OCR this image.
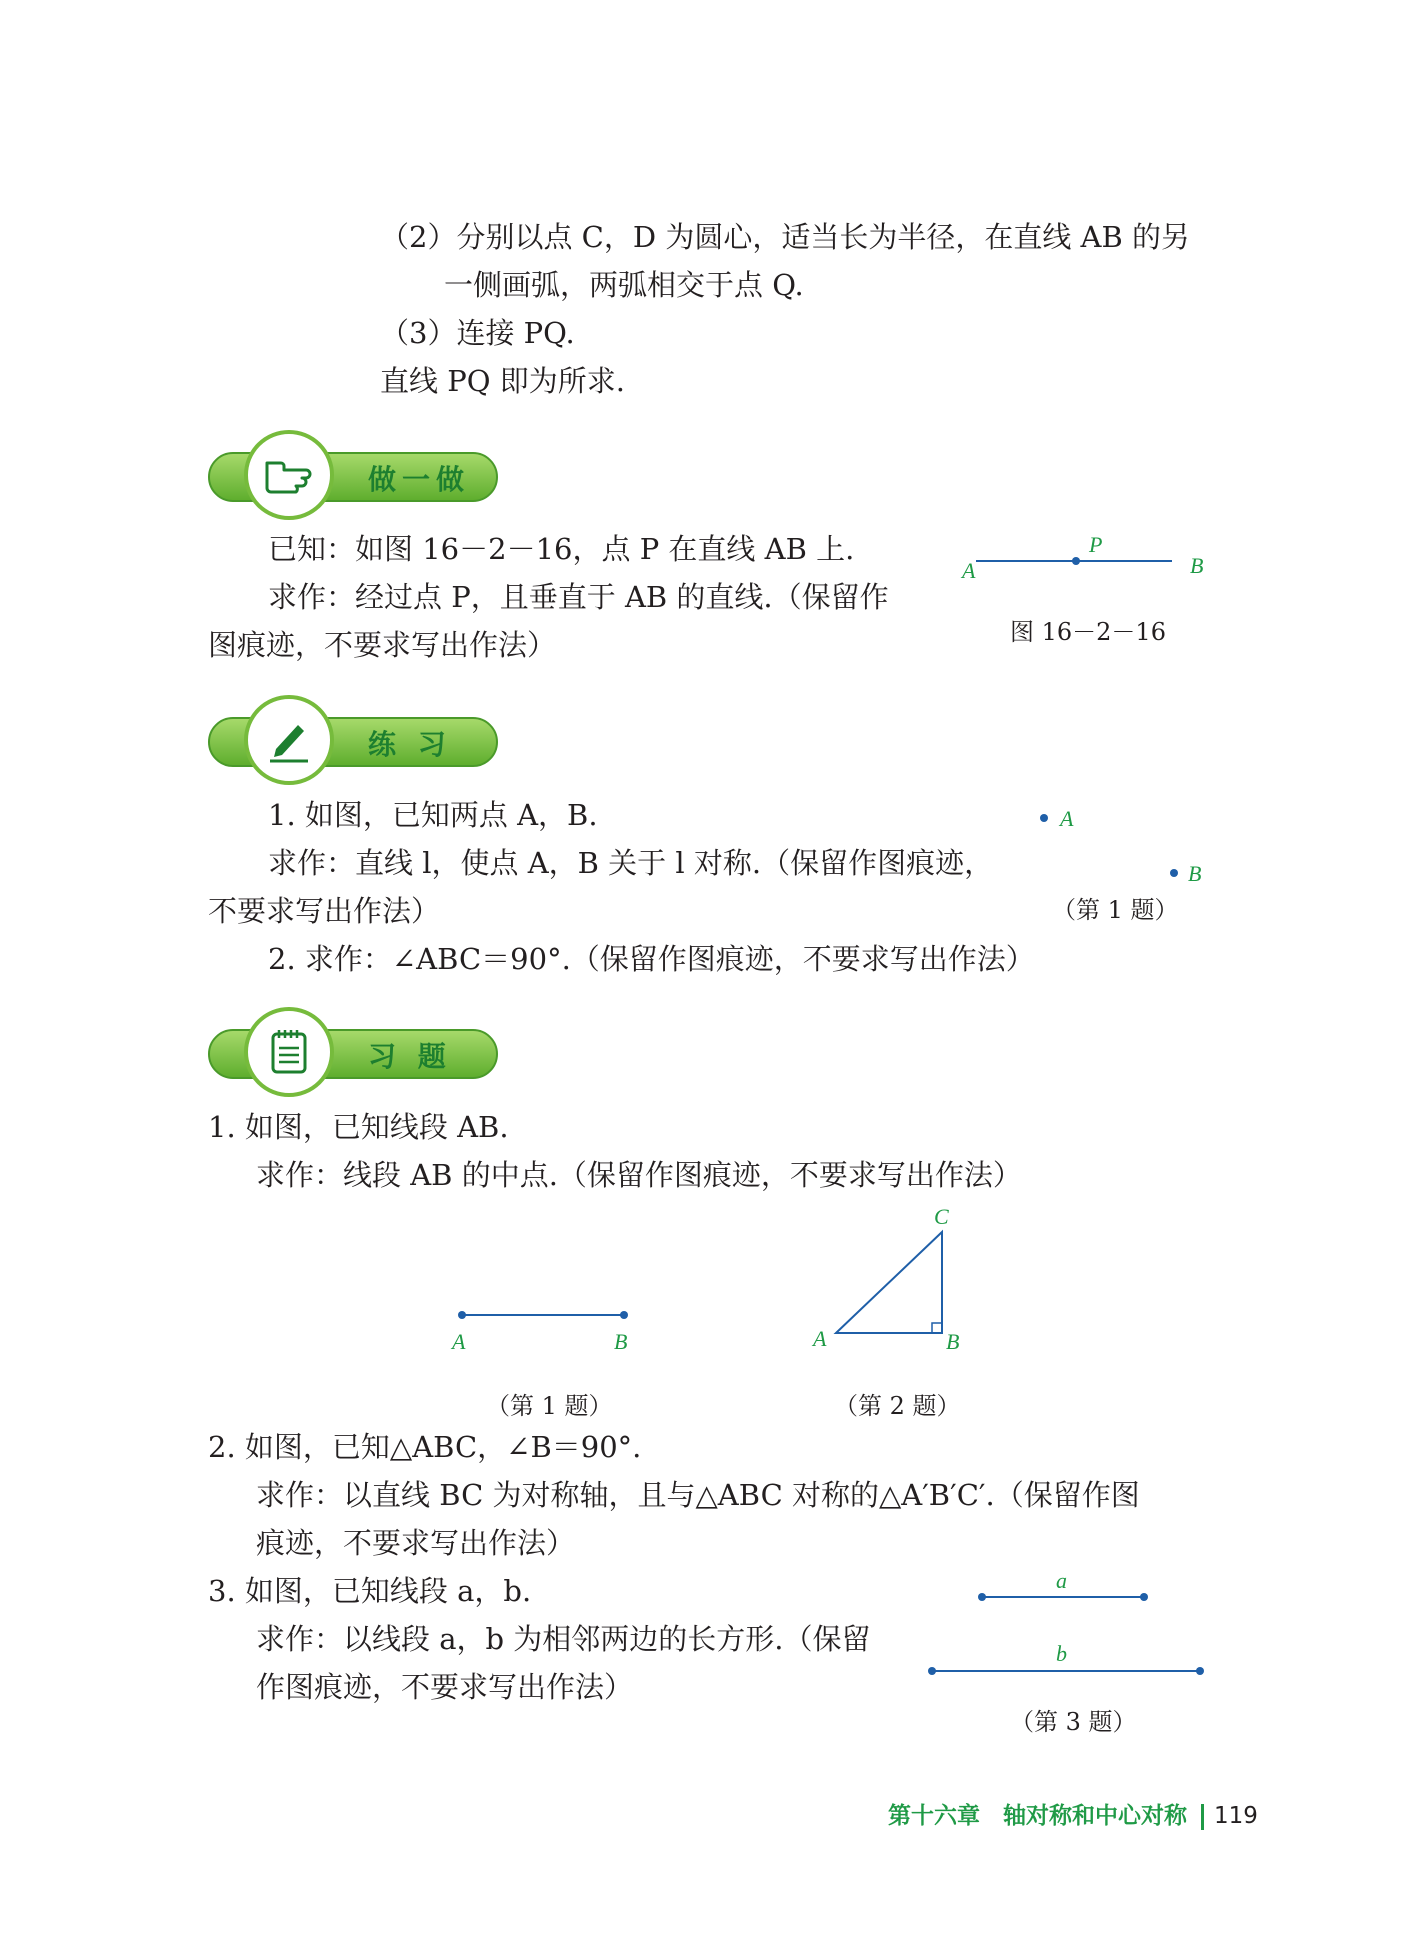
（2）分别以点 C，D 为圆心，适当长为半径，在直线 AB 的另
一侧画弧，两弧相交于点 Q.
（3）连接 PQ.
直线 PQ 即为所求.
做一做
已知：如图 16－2－16，点 P 在直线 AB 上.
求作：经过点 P，且垂直于 AB 的直线.（保留作
图痕迹，不要求写出作法）
练 习
1. 如图，已知两点 A，B.
求作：直线 l，使点 A，B 关于 l 对称.（保留作图痕迹，
不要求写出作法）
2. 求作：∠ABC＝90°.（保留作图痕迹，不要求写出作法）
习 题
1. 如图，已知线段 AB.
求作：线段 AB 的中点.（保留作图痕迹，不要求写出作法）
2. 如图，已知△ABC，∠B＝90°.
求作：以直线 BC 为对称轴，且与△ABC 对称的△A′B′C′.（保留作图
痕迹，不要求写出作法）
3. 如图，已知线段 a，b.
求作：以线段 a，b 为相邻两边的长方形.（保留
作图痕迹，不要求写出作法）
A
P
B
图 16－2－16
A
B
（第 1 题）
A	B
（第 1 题）
A	B
C
（第 2 题）
a
b
（第 3 题）
第十六章　轴对称和中心对称 119
